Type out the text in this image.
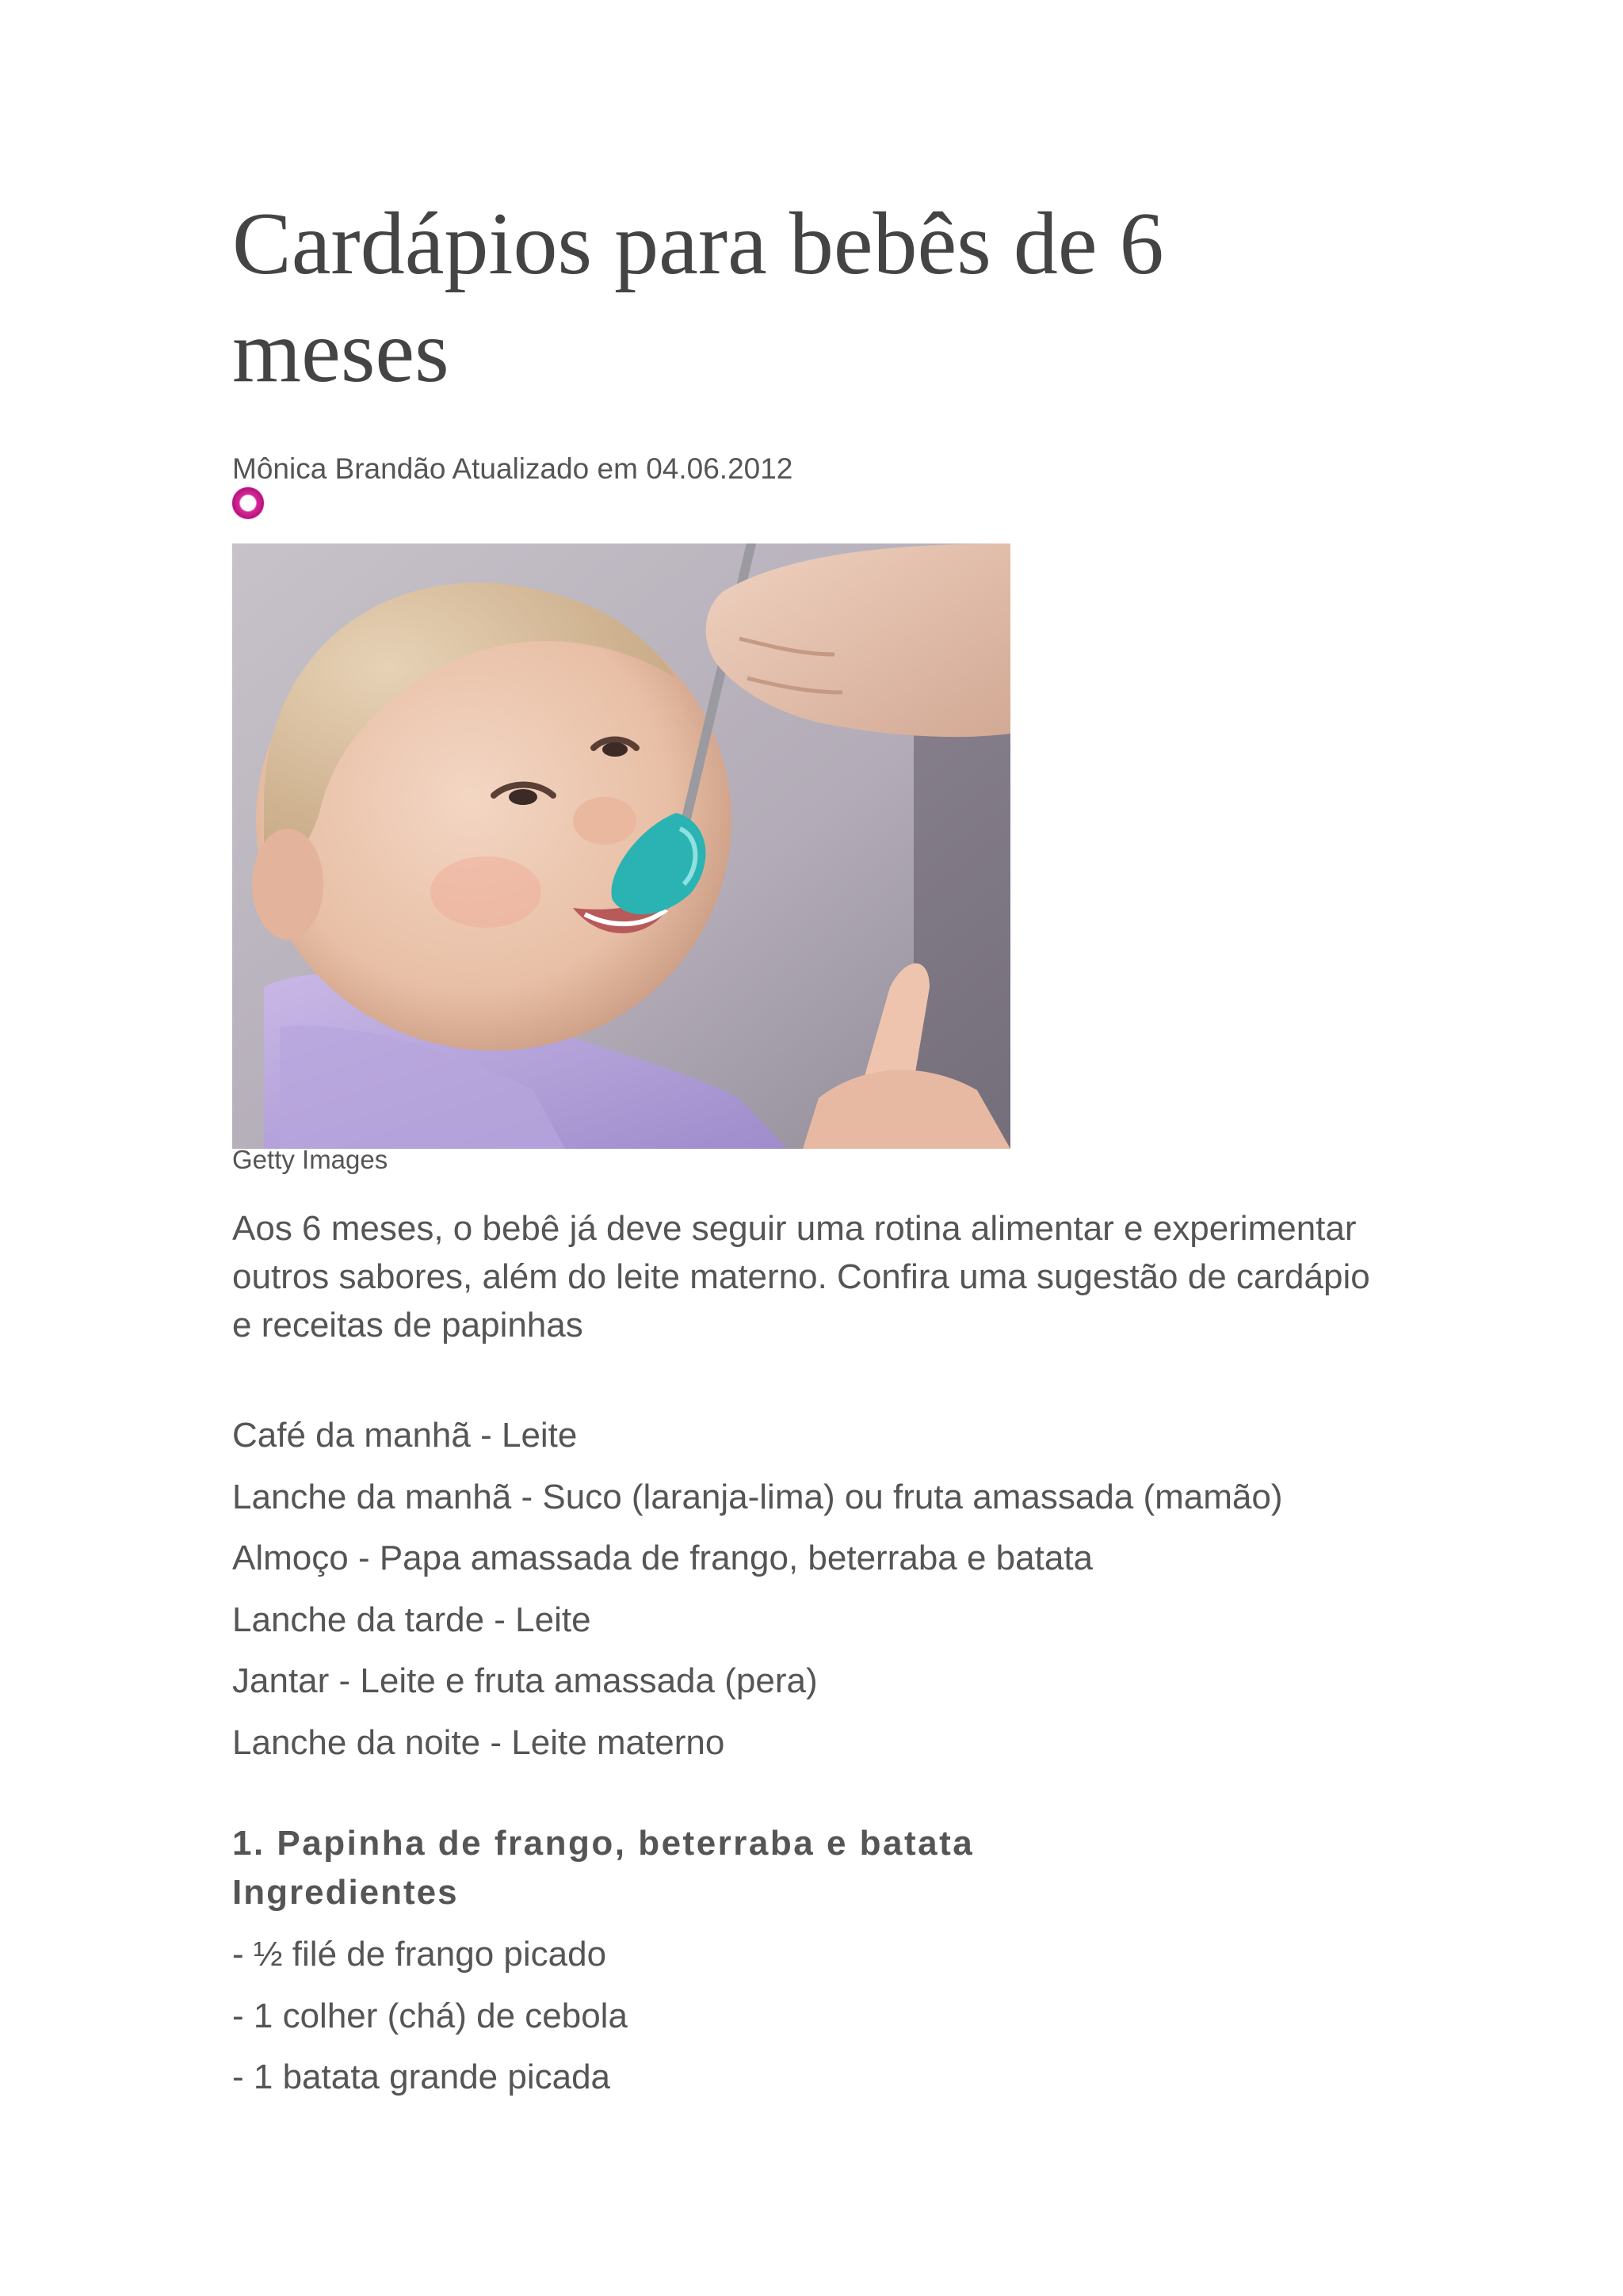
Cardápios para bebês de 6
meses
Mônica Brandão Atualizado em 04.06.2012
Getty Images

Aos 6 meses, o bebê já deve seguir uma rotina alimentar e experimentar outros sabores, além do leite materno. Confira uma sugestão de cardápio e receitas de papinhas

Café da manhã - Leite
Lanche da manhã - Suco (laranja-lima) ou fruta amassada (mamão)
Almoço - Papa amassada de frango, beterraba e batata
Lanche da tarde - Leite
Jantar - Leite e fruta amassada (pera)
Lanche da noite - Leite materno
1. Papinha de frango, beterraba e batata
Ingredientes
- ½ filé de frango picado
- 1 colher (chá) de cebola
- 1 batata grande picada
